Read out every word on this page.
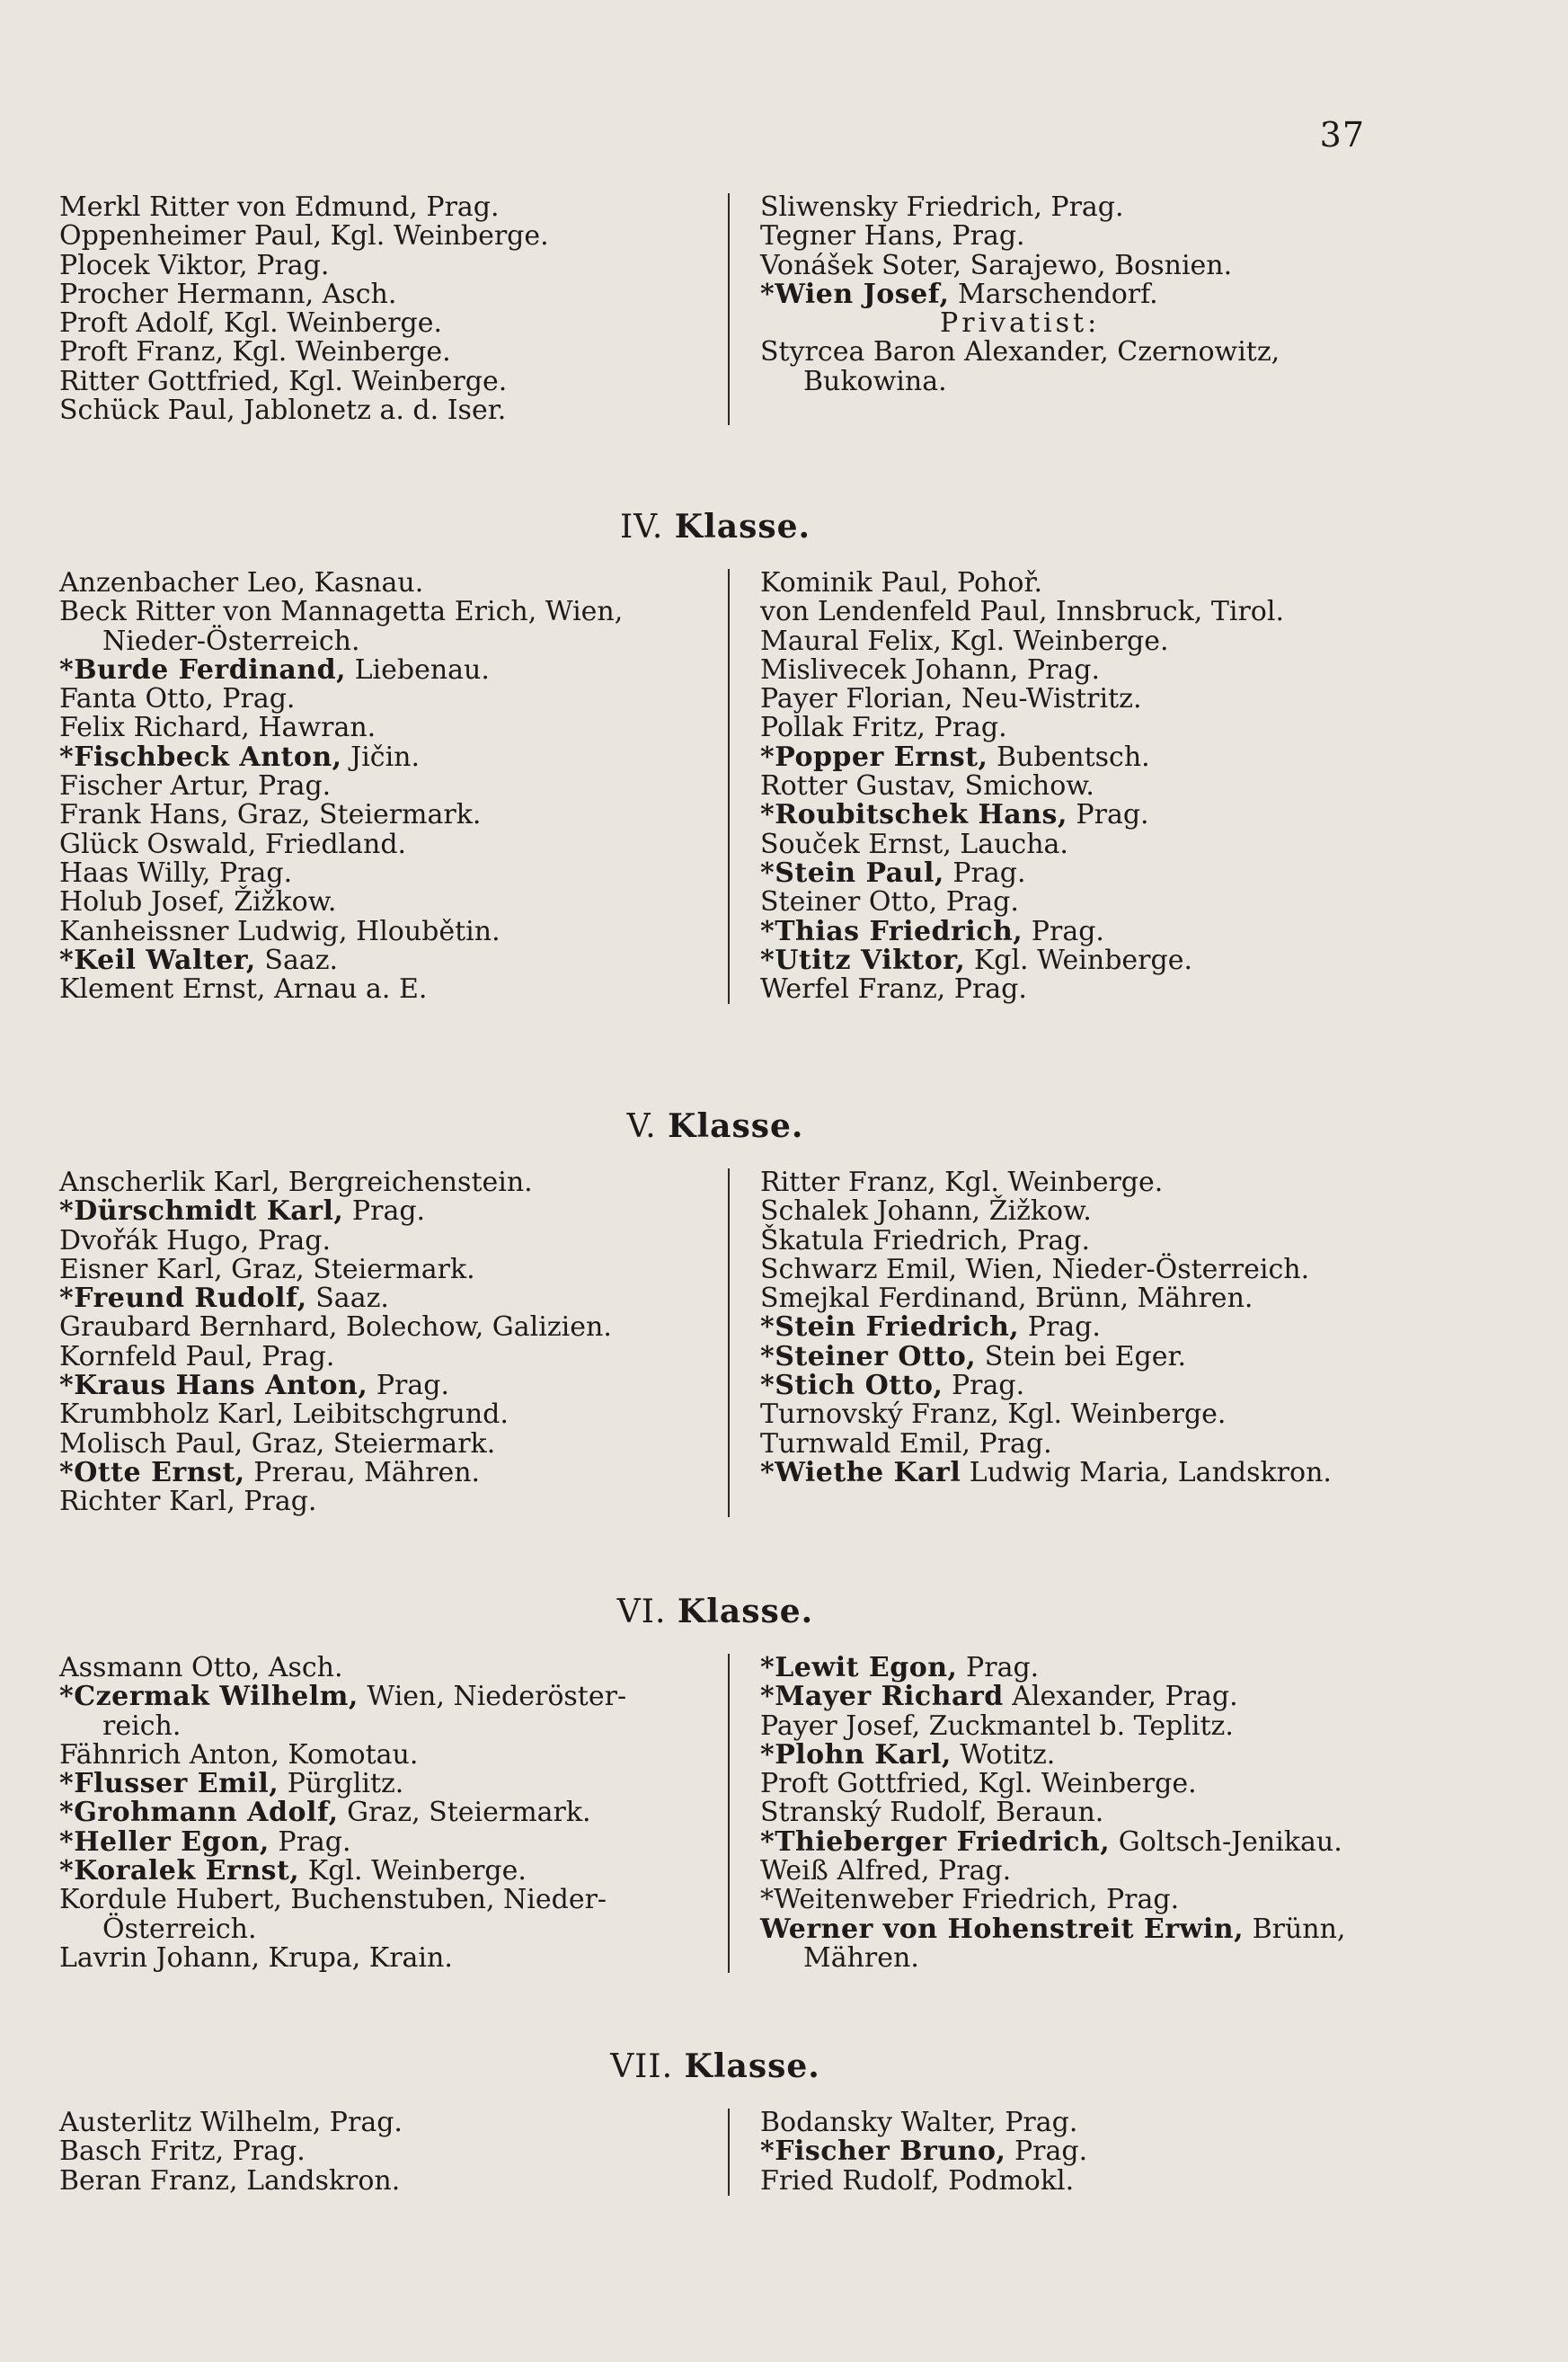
37
Merkl Ritter von Edmund, Prag.
Oppenheimer Paul, Kgl. Weinberge.
Plocek Viktor, Prag.
Procher Hermann, Asch.
Proft Adolf, Kgl. Weinberge.
Proft Franz, Kgl. Weinberge.
Ritter Gottfried, Kgl. Weinberge.
Schück Paul, Jablonetz a. d. Iser.
Sliwensky Friedrich, Prag.
Tegner Hans, Prag.
Vonášek Soter, Sarajewo, Bosnien.
*Wien Josef, Marschendorf.
Privatist:
Styrcea Baron Alexander, Czernowitz,
Bukowina.
IV. Klasse.
Anzenbacher Leo, Kasnau.
Beck Ritter von Mannagetta Erich, Wien,
Nieder-Österreich.
*Burde Ferdinand, Liebenau.
Fanta Otto, Prag.
Felix Richard, Hawran.
*Fischbeck Anton, Jičin.
Fischer Artur, Prag.
Frank Hans, Graz, Steiermark.
Glück Oswald, Friedland.
Haas Willy, Prag.
Holub Josef, Žižkow.
Kanheissner Ludwig, Hloubětin.
*Keil Walter, Saaz.
Klement Ernst, Arnau a. E.
Kominik Paul, Pohoř.
von Lendenfeld Paul, Innsbruck, Tirol.
Maural Felix, Kgl. Weinberge.
Mislivecek Johann, Prag.
Payer Florian, Neu-Wistritz.
Pollak Fritz, Prag.
*Popper Ernst, Bubentsch.
Rotter Gustav, Smichow.
*Roubitschek Hans, Prag.
Souček Ernst, Laucha.
*Stein Paul, Prag.
Steiner Otto, Prag.
*Thias Friedrich, Prag.
*Utitz Viktor, Kgl. Weinberge.
Werfel Franz, Prag.
V. Klasse.
Anscherlik Karl, Bergreichenstein.
*Dürschmidt Karl, Prag.
Dvořák Hugo, Prag.
Eisner Karl, Graz, Steiermark.
*Freund Rudolf, Saaz.
Graubard Bernhard, Bolechow, Galizien.
Kornfeld Paul, Prag.
*Kraus Hans Anton, Prag.
Krumbholz Karl, Leibitschgrund.
Molisch Paul, Graz, Steiermark.
*Otte Ernst, Prerau, Mähren.
Richter Karl, Prag.
Ritter Franz, Kgl. Weinberge.
Schalek Johann, Žižkow.
Škatula Friedrich, Prag.
Schwarz Emil, Wien, Nieder-Österreich.
Smejkal Ferdinand, Brünn, Mähren.
*Stein Friedrich, Prag.
*Steiner Otto, Stein bei Eger.
*Stich Otto, Prag.
Turnovský Franz, Kgl. Weinberge.
Turnwald Emil, Prag.
*Wiethe Karl Ludwig Maria, Landskron.
VI. Klasse.
Assmann Otto, Asch.
*Czermak Wilhelm, Wien, Niederöster-
reich.
Fähnrich Anton, Komotau.
*Flusser Emil, Pürglitz.
*Grohmann Adolf, Graz, Steiermark.
*Heller Egon, Prag.
*Koralek Ernst, Kgl. Weinberge.
Kordule Hubert, Buchenstuben, Nieder-
Österreich.
Lavrin Johann, Krupa, Krain.
*Lewit Egon, Prag.
*Mayer Richard Alexander, Prag.
Payer Josef, Zuckmantel b. Teplitz.
*Plohn Karl, Wotitz.
Proft Gottfried, Kgl. Weinberge.
Stranský Rudolf, Beraun.
*Thieberger Friedrich, Goltsch-Jenikau.
Weiß Alfred, Prag.
*Weitenweber Friedrich, Prag.
Werner von Hohenstreit Erwin, Brünn,
Mähren.
VII. Klasse.
Austerlitz Wilhelm, Prag.
Basch Fritz, Prag.
Beran Franz, Landskron.
Bodansky Walter, Prag.
*Fischer Bruno, Prag.
Fried Rudolf, Podmokl.
